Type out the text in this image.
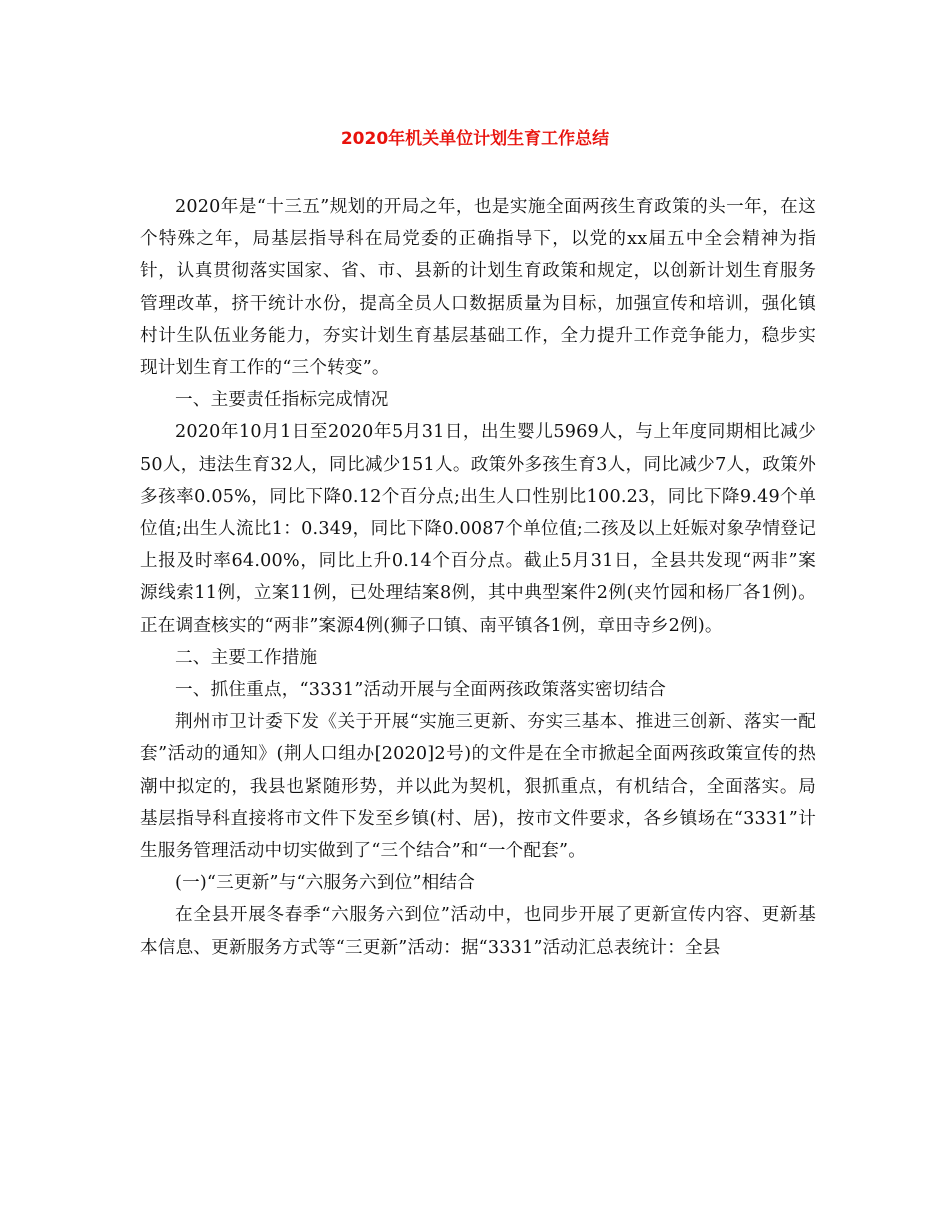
2020年机关单位计划生育工作总结

2020年是“十三五”规划的开局之年，也是实施全面两孩生育政策的头一年，在这个特殊之年，局基层指导科在局党委的正确指导下，以党的xx届五中全会精神为指针，认真贯彻落实国家、省、市、县新的计划生育政策和规定，以创新计划生育服务管理改革，挤干统计水份，提高全员人口数据质量为目标，加强宣传和培训，强化镇村计生队伍业务能力，夯实计划生育基层基础工作，全力提升工作竞争能力，稳步实现计划生育工作的“三个转变”。

一、主要责任指标完成情况

2020年10月1日至2020年5月31日，出生婴儿5969人，与上年度同期相比减少50人，违法生育32人，同比减少151人。政策外多孩生育3人，同比减少7人，政策外多孩率0.05%，同比下降0.12个百分点;出生人口性别比100.23，同比下降9.49个单位值;出生人流比1：0.349，同比下降0.0087个单位值;二孩及以上妊娠对象孕情登记上报及时率64.00%，同比上升0.14个百分点。截止5月31日，全县共发现“两非”案源线索11例，立案11例，已处理结案8例，其中典型案件2例(夹竹园和杨厂各1例)。正在调查核实的“两非”案源4例(狮子口镇、南平镇各1例，章田寺乡2例)。

二、主要工作措施

一、抓住重点，“3331”活动开展与全面两孩政策落实密切结合

荆州市卫计委下发《关于开展“实施三更新、夯实三基本、推进三创新、落实一配套”活动的通知》(荆人口组办[2020]2号)的文件是在全市掀起全面两孩政策宣传的热潮中拟定的，我县也紧随形势，并以此为契机，狠抓重点，有机结合，全面落实。局基层指导科直接将市文件下发至乡镇(村、居)，按市文件要求，各乡镇场在“3331”计生服务管理活动中切实做到了“三个结合”和“一个配套”。

(一)“三更新”与“六服务六到位”相结合

在全县开展冬春季“六服务六到位”活动中，也同步开展了更新宣传内容、更新基本信息、更新服务方式等“三更新”活动：据“3331”活动汇总表统计：全县
